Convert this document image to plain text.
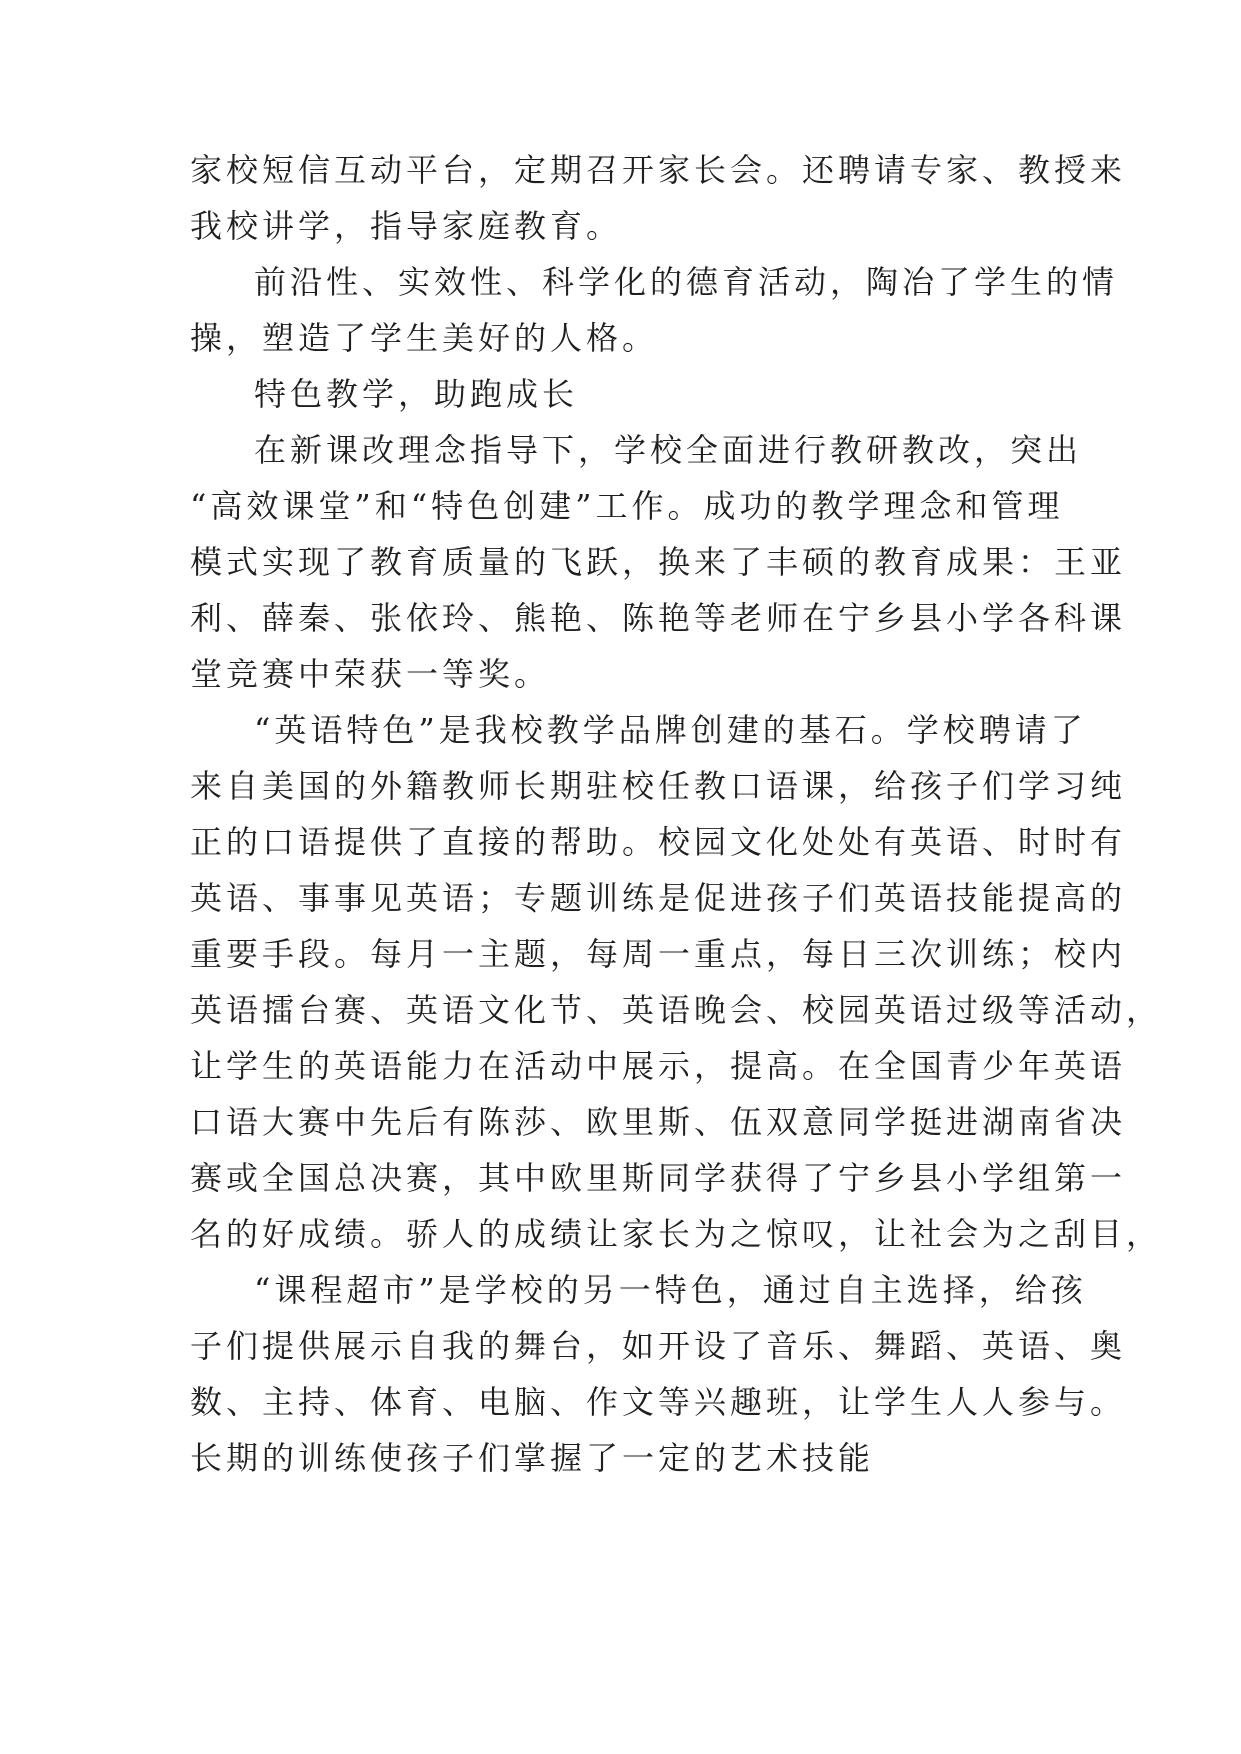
家校短信互动平台，定期召开家长会。还聘请专家、教授来
我校讲学，指导家庭教育。
前沿性、实效性、科学化的德育活动，陶冶了学生的情
操，塑造了学生美好的人格。
特色教学，助跑成长
在新课改理念指导下，学校全面进行教研教改，突出
“高效课堂”和“特色创建”工作。成功的教学理念和管理
模式实现了教育质量的飞跃，换来了丰硕的教育成果：王亚
利、薛秦、张依玲、熊艳、陈艳等老师在宁乡县小学各科课
堂竞赛中荣获一等奖。
“英语特色”是我校教学品牌创建的基石。学校聘请了
来自美国的外籍教师长期驻校任教口语课，给孩子们学习纯
正的口语提供了直接的帮助。校园文化处处有英语、时时有
英语、事事见英语；专题训练是促进孩子们英语技能提高的
重要手段。每月一主题，每周一重点，每日三次训练；校内
英语擂台赛、英语文化节、英语晚会、校园英语过级等活动，
让学生的英语能力在活动中展示，提高。在全国青少年英语
口语大赛中先后有陈莎、欧里斯、伍双意同学挺进湖南省决
赛或全国总决赛，其中欧里斯同学获得了宁乡县小学组第一
名的好成绩。骄人的成绩让家长为之惊叹，让社会为之刮目，
“课程超市”是学校的另一特色，通过自主选择，给孩
子们提供展示自我的舞台，如开设了音乐、舞蹈、英语、奥
数、主持、体育、电脑、作文等兴趣班，让学生人人参与。
长期的训练使孩子们掌握了一定的艺术技能
